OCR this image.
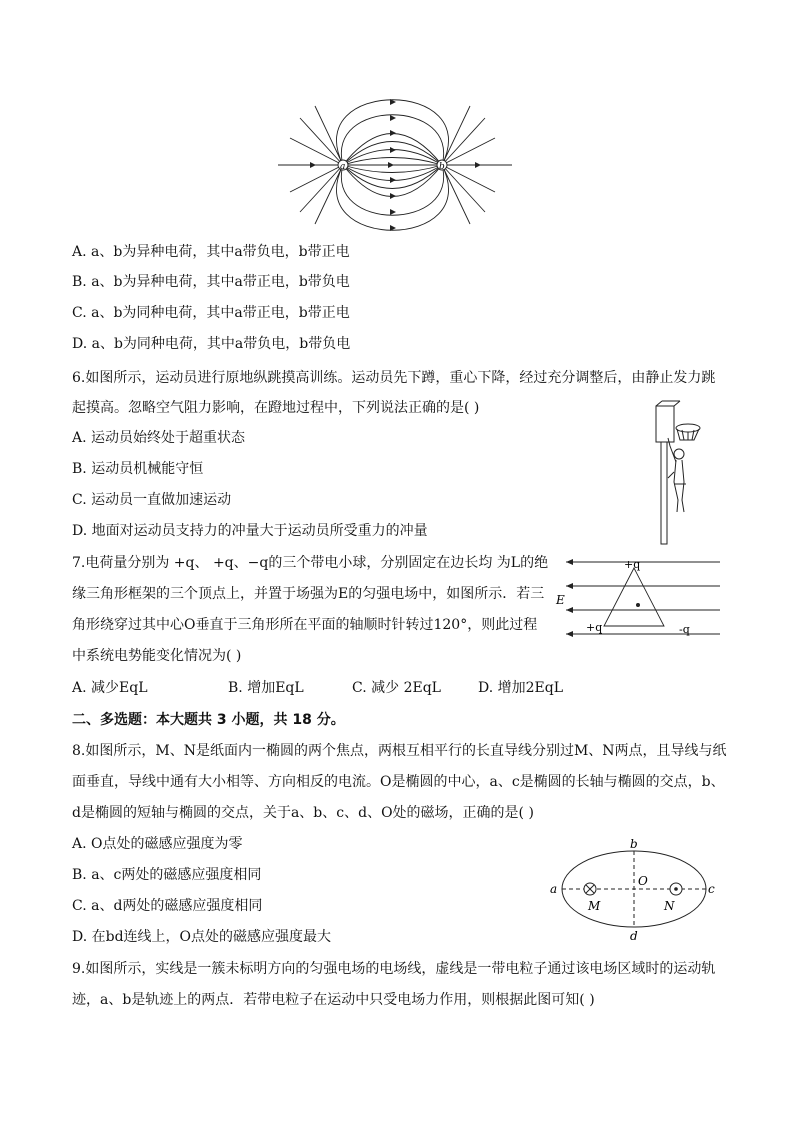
a	b
A. a、b为异种电荷，其中a带负电，b带正电
B. a、b为异种电荷，其中a带正电，b带负电
C. a、b为同种电荷，其中a带正电，b带正电
D. a、b为同种电荷，其中a带负电，b带负电
6.如图所示，运动员进行原地纵跳摸高训练。运动员先下蹲，重心下降，经过充分调整后，由静止发力跳
起摸高。忽略空气阻力影响，在蹬地过程中，下列说法正确的是( )
A. 运动员始终处于超重状态
B. 运动员机械能守恒
C. 运动员一直做加速运动
D. 地面对运动员支持力的冲量大于运动员所受重力的冲量
7.电荷量分别为 +q、 +q、−q的三个带电小球，分别固定在边长均 为L的绝
缘三角形框架的三个顶点上，并置于场强为E的匀强电场中，如图所示．若三
角形绕穿过其中心O垂直于三角形所在平面的轴顺时针转过120°，则此过程
中系统电势能变化情况为( )
+q
+q	-q
E
A. 减少EqL	B. 增加EqL	C. 减少 2EqL	D. 增加2EqL
二、多选题：本大题共 3 小题，共 18 分。
8.如图所示，M、N是纸面内一椭圆的两个焦点，两根互相平行的长直导线分别过M、N两点，且导线与纸
面垂直，导线中通有大小相等、方向相反的电流。O是椭圆的中心，a、c是椭圆的长轴与椭圆的交点，b、
d是椭圆的短轴与椭圆的交点，关于a、b、c、d、O处的磁场，正确的是( )
A. O点处的磁感应强度为零
B. a、c两处的磁感应强度相同
C. a、d两处的磁感应强度相同
D. 在bd连线上，O点处的磁感应强度最大
b
d
a	c
O
M	N
9.如图所示，实线是一簇未标明方向的匀强电场的电场线，虚线是一带电粒子通过该电场区域时的运动轨
迹，a、b是轨迹上的两点．若带电粒子在运动中只受电场力作用，则根据此图可知( )
